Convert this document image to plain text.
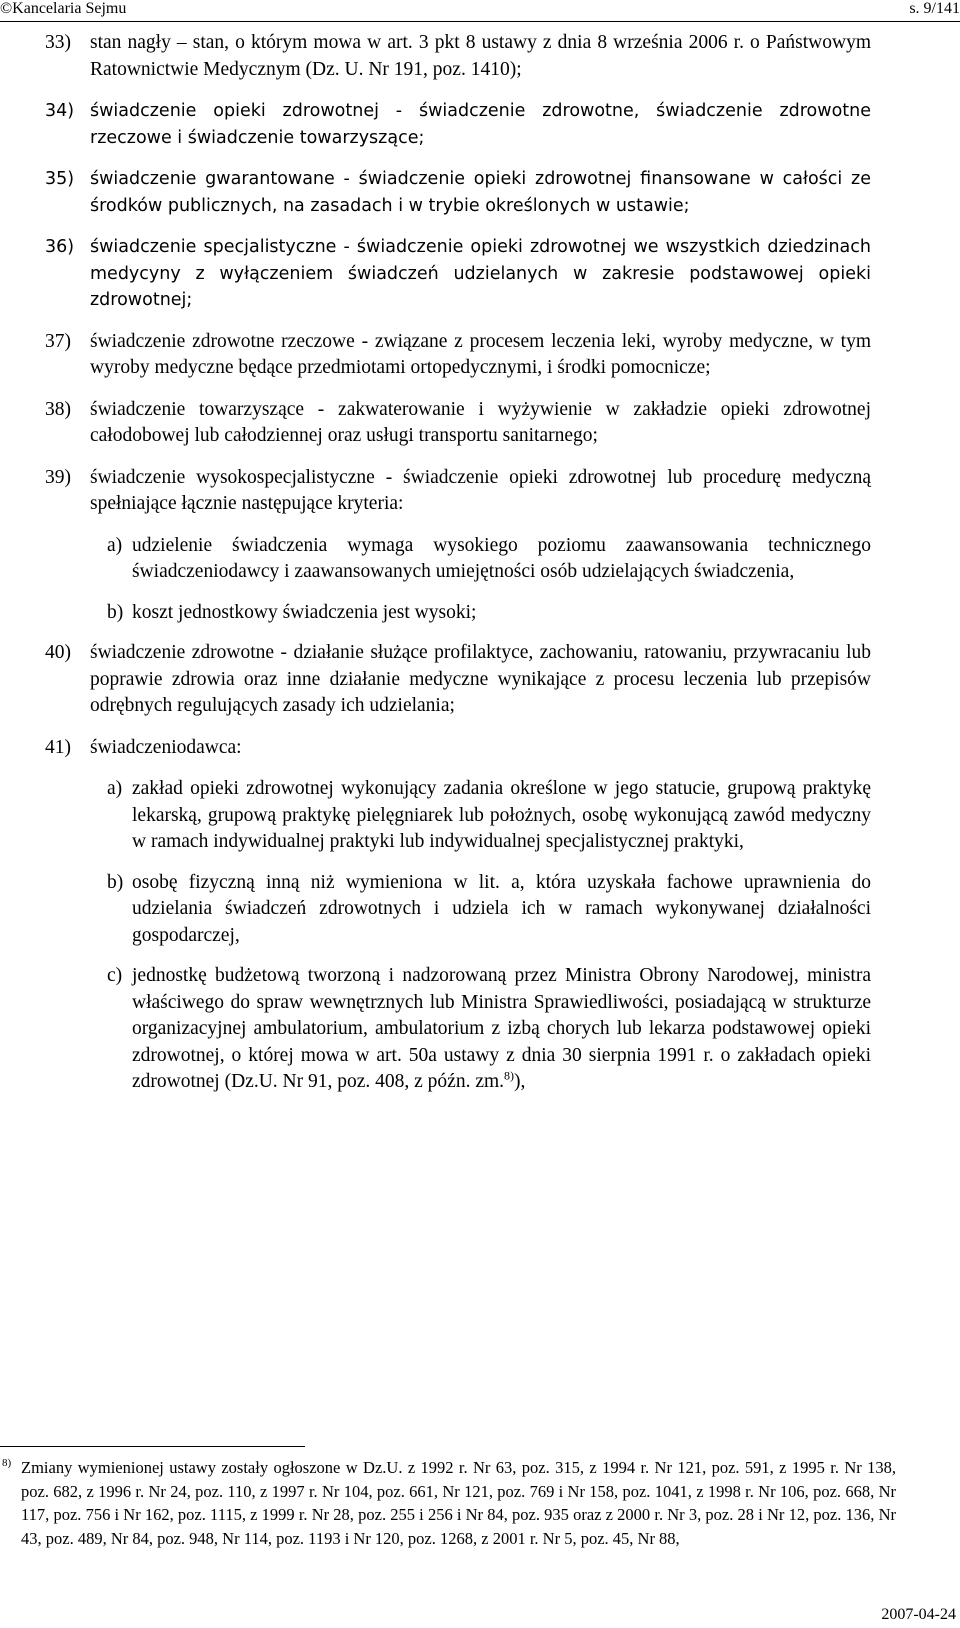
©Kancelaria Sejmu	s. 9/141
33) stan nagły – stan, o którym mowa w art. 3 pkt 8 ustawy z dnia 8 września 2006 r. o Państwowym Ratownictwie Medycznym (Dz. U. Nr 191, poz. 1410);
34) świadczenie opieki zdrowotnej - świadczenie zdrowotne, świadczenie zdrowotne rzeczowe i świadczenie towarzyszące;
35) świadczenie gwarantowane - świadczenie opieki zdrowotnej finansowane w całości ze środków publicznych, na zasadach i w trybie określonych w ustawie;
36) świadczenie specjalistyczne - świadczenie opieki zdrowotnej we wszystkich dziedzinach medycyny z wyłączeniem świadczeń udzielanych w zakresie podstawowej opieki zdrowotnej;
37) świadczenie zdrowotne rzeczowe - związane z procesem leczenia leki, wyroby medyczne, w tym wyroby medyczne będące przedmiotami ortopedycznymi, i środki pomocnicze;
38) świadczenie towarzyszące - zakwaterowanie i wyżywienie w zakładzie opieki zdrowotnej całodobowej lub całodziennej oraz usługi transportu sanitarnego;
39) świadczenie wysokospecjalistyczne - świadczenie opieki zdrowotnej lub procedurę medyczną spełniające łącznie następujące kryteria:
a) udzielenie świadczenia wymaga wysokiego poziomu zaawansowania technicznego świadczeniodawcy i zaawansowanych umiejętności osób udzielających świadczenia,
b) koszt jednostkowy świadczenia jest wysoki;
40) świadczenie zdrowotne - działanie służące profilaktyce, zachowaniu, ratowaniu, przywracaniu lub poprawie zdrowia oraz inne działanie medyczne wynikające z procesu leczenia lub przepisów odrębnych regulujących zasady ich udzielania;
41) świadczeniodawca:
a) zakład opieki zdrowotnej wykonujący zadania określone w jego statucie, grupową praktykę lekarską, grupową praktykę pielęgniarek lub położnych, osobę wykonującą zawód medyczny w ramach indywidualnej praktyki lub indywidualnej specjalistycznej praktyki,
b) osobę fizyczną inną niż wymieniona w lit. a, która uzyskała fachowe uprawnienia do udzielania świadczeń zdrowotnych i udziela ich w ramach wykonywanej działalności gospodarczej,
c) jednostkę budżetową tworzoną i nadzorowaną przez Ministra Obrony Narodowej, ministra właściwego do spraw wewnętrznych lub Ministra Sprawiedliwości, posiadającą w strukturze organizacyjnej ambulatorium, ambulatorium z izbą chorych lub lekarza podstawowej opieki zdrowotnej, o której mowa w art. 50a ustawy z dnia 30 sierpnia 1991 r. o zakładach opieki zdrowotnej (Dz.U. Nr 91, poz. 408, z późn. zm.$^{8)}$),
8) Zmiany wymienionej ustawy zostały ogłoszone w Dz.U. z 1992 r. Nr 63, poz. 315, z 1994 r. Nr 121, poz. 591, z 1995 r. Nr 138, poz. 682, z 1996 r. Nr 24, poz. 110, z 1997 r. Nr 104, poz. 661, Nr 121, poz. 769 i Nr 158, poz. 1041, z 1998 r. Nr 106, poz. 668, Nr 117, poz. 756 i Nr 162, poz. 1115, z 1999 r. Nr 28, poz. 255 i 256 i Nr 84, poz. 935 oraz z 2000 r. Nr 3, poz. 28 i Nr 12, poz. 136, Nr 43, poz. 489, Nr 84, poz. 948, Nr 114, poz. 1193 i Nr 120, poz. 1268, z 2001 r. Nr 5, poz. 45, Nr 88,
2007-04-24
